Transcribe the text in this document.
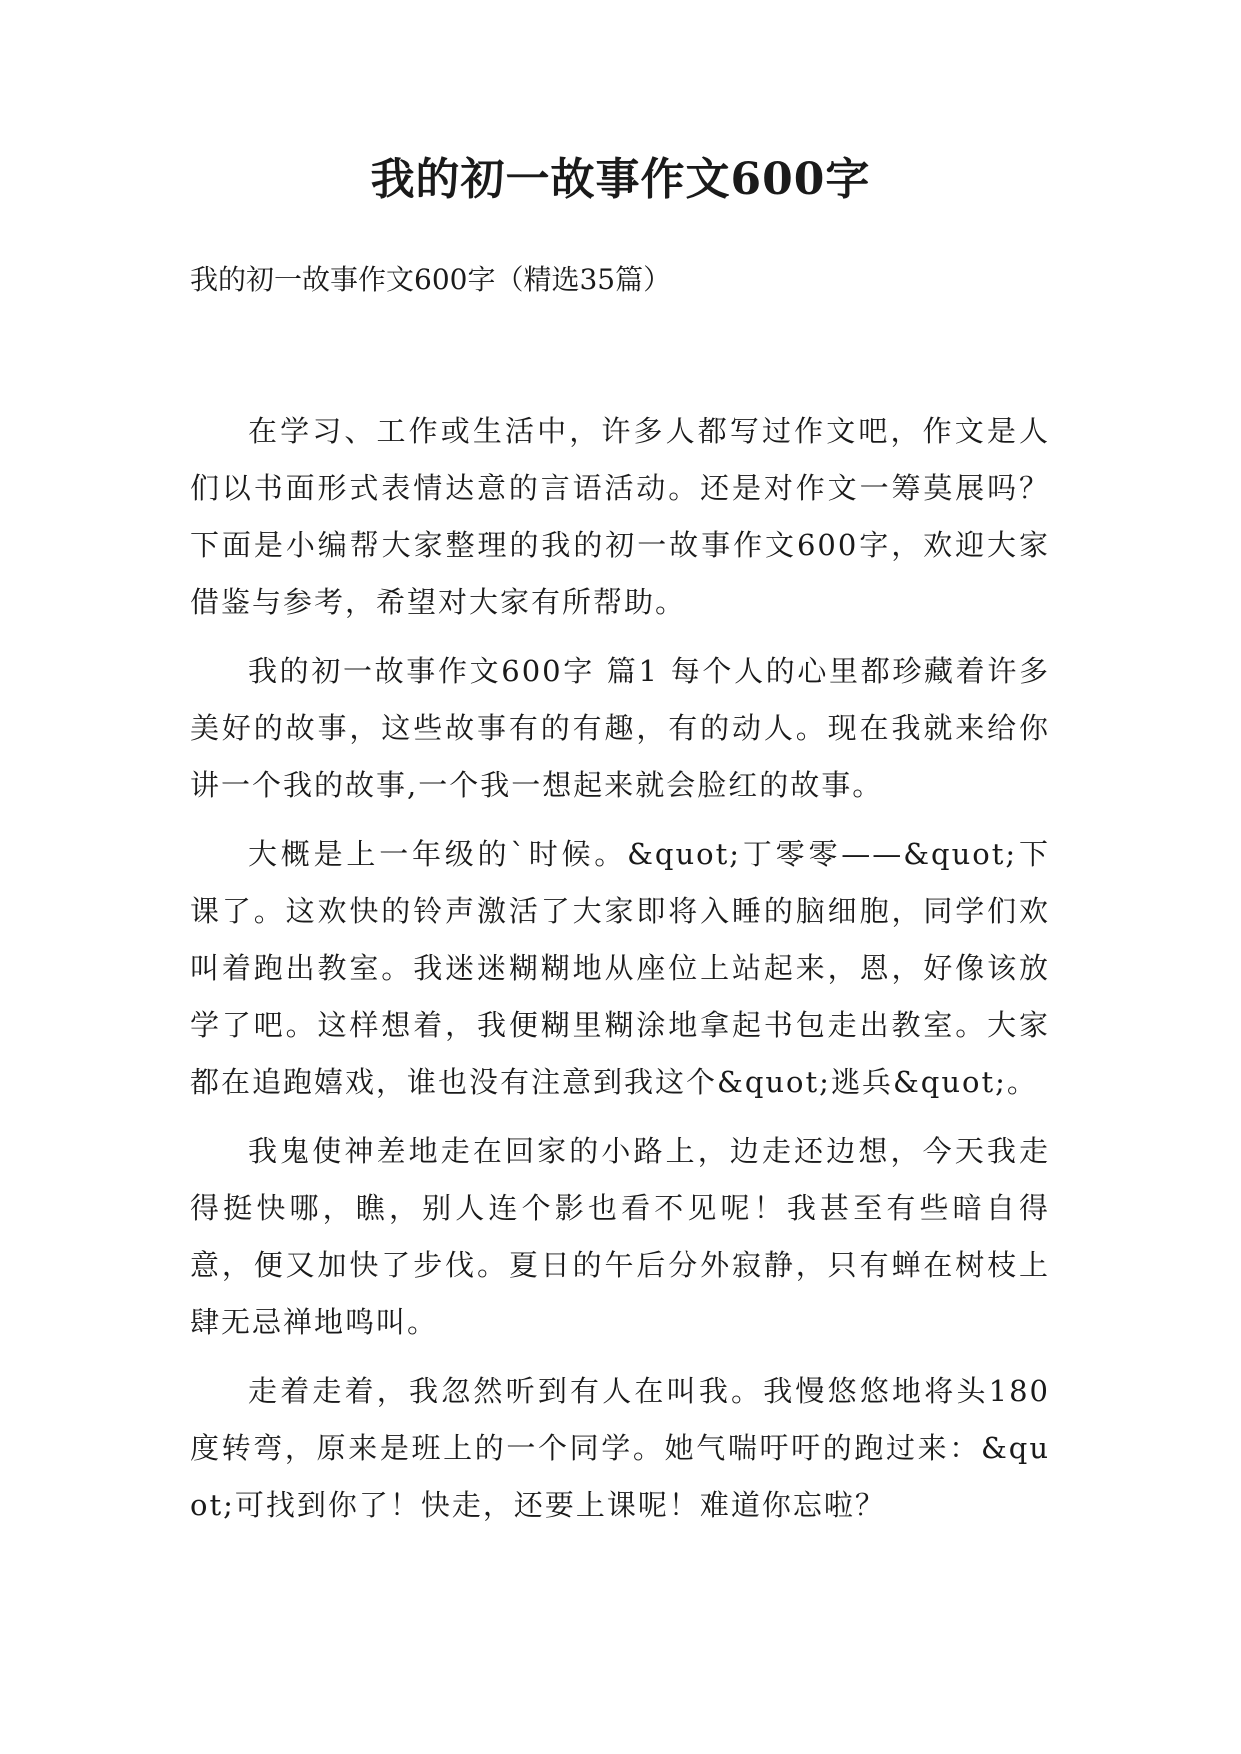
我的初一故事作文600字

我的初一故事作文600字（精选35篇）

在学习、工作或生活中，许多人都写过作文吧，作文是人们以书面形式表情达意的言语活动。还是对作文一筹莫展吗？下面是小编帮大家整理的我的初一故事作文600字，欢迎大家借鉴与参考，希望对大家有所帮助。

我的初一故事作文600字 篇1 每个人的心里都珍藏着许多美好的故事，这些故事有的有趣，有的动人。现在我就来给你讲一个我的故事,一个我一想起来就会脸红的故事。

大概是上一年级的`时候。&quot;丁零零——&quot;下课了。这欢快的铃声激活了大家即将入睡的脑细胞，同学们欢叫着跑出教室。我迷迷糊糊地从座位上站起来，恩，好像该放学了吧。这样想着，我便糊里糊涂地拿起书包走出教室。大家都在追跑嬉戏，谁也没有注意到我这个&quot;逃兵&quot;。

我鬼使神差地走在回家的小路上，边走还边想，今天我走得挺快哪，瞧，别人连个影也看不见呢！我甚至有些暗自得意，便又加快了步伐。夏日的午后分外寂静，只有蝉在树枝上肆无忌禅地鸣叫。

走着走着，我忽然听到有人在叫我。我慢悠悠地将头180度转弯，原来是班上的一个同学。她气喘吁吁的跑过来：&quot;可找到你了！快走，还要上课呢！难道你忘啦？
